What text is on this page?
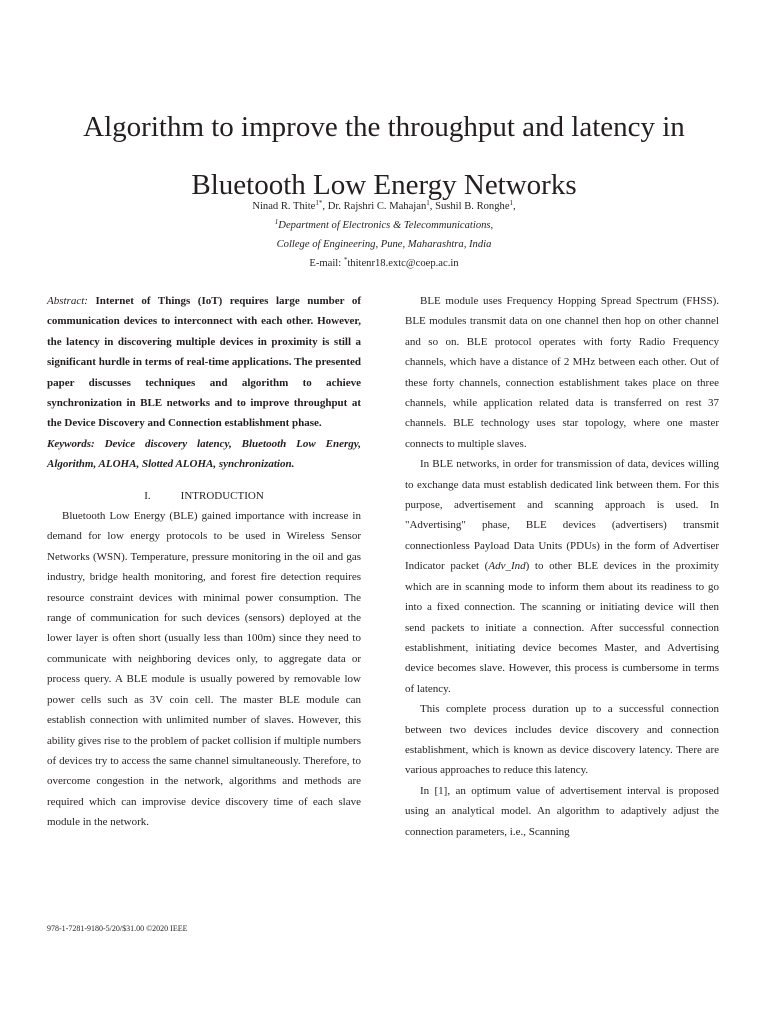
Algorithm to improve the throughput and latency in
Bluetooth Low Energy Networks
Ninad R. Thite$^{1*}$, Dr. Rajshri C. Mahajan$^1$, Sushil B. Ronghe$^1$,
$^1$Department of Electronics & Telecommunications,
College of Engineering, Pune, Maharashtra, India
E-mail: *thitenr18.extc@coep.ac.in

Abstract: Internet of Things (IoT) requires large number of communication devices to interconnect with each other. However, the latency in discovering multiple devices in proximity is still a significant hurdle in terms of real-time applications. The presented paper discusses techniques and algorithm to achieve synchronization in BLE networks and to improve throughput at the Device Discovery and Connection establishment phase.

Keywords: Device discovery latency, Bluetooth Low Energy, Algorithm, ALOHA, Slotted ALOHA, synchronization.

I.	INTRODUCTION

Bluetooth Low Energy (BLE) gained importance with increase in demand for low energy protocols to be used in Wireless Sensor Networks (WSN). Temperature, pressure monitoring in the oil and gas industry, bridge health monitoring, and forest fire detection requires resource constraint devices with minimal power consumption. The range of communication for such devices (sensors) deployed at the lower layer is often short (usually less than 100m) since they need to communicate with neighboring devices only, to aggregate data or process query. A BLE module is usually powered by removable low power cells such as 3V coin cell. The master BLE module can establish connection with unlimited number of slaves. However, this ability gives rise to the problem of packet collision if multiple numbers of devices try to access the same channel simultaneously. Therefore, to overcome congestion in the network, algorithms and methods are required which can improvise device discovery time of each slave module in the network.

BLE module uses Frequency Hopping Spread Spectrum (FHSS). BLE modules transmit data on one channel then hop on other channel and so on. BLE protocol operates with forty Radio Frequency channels, which have a distance of 2 MHz between each other. Out of these forty channels, connection establishment takes place on three channels, while application related data is transferred on rest 37 channels. BLE technology uses star topology, where one master connects to multiple slaves.

In BLE networks, in order for transmission of data, devices willing to exchange data must establish dedicated link between them. For this purpose, advertisement and scanning approach is used. In "Advertising" phase, BLE devices (advertisers) transmit connectionless Payload Data Units (PDUs) in the form of Advertiser Indicator packet (Adv_Ind) to other BLE devices in the proximity which are in scanning mode to inform them about its readiness to go into a fixed connection. The scanning or initiating device will then send packets to initiate a connection. After successful connection establishment, initiating device becomes Master, and Advertising device becomes slave. However, this process is cumbersome in terms of latency.

This complete process duration up to a successful connection between two devices includes device discovery and connection establishment, which is known as device discovery latency. There are various approaches to reduce this latency.

In [1], an optimum value of advertisement interval is proposed using an analytical model. An algorithm to adaptively adjust the connection parameters, i.e., Scanning

978-1-7281-9180-5/20/$31.00 ©2020 IEEE
